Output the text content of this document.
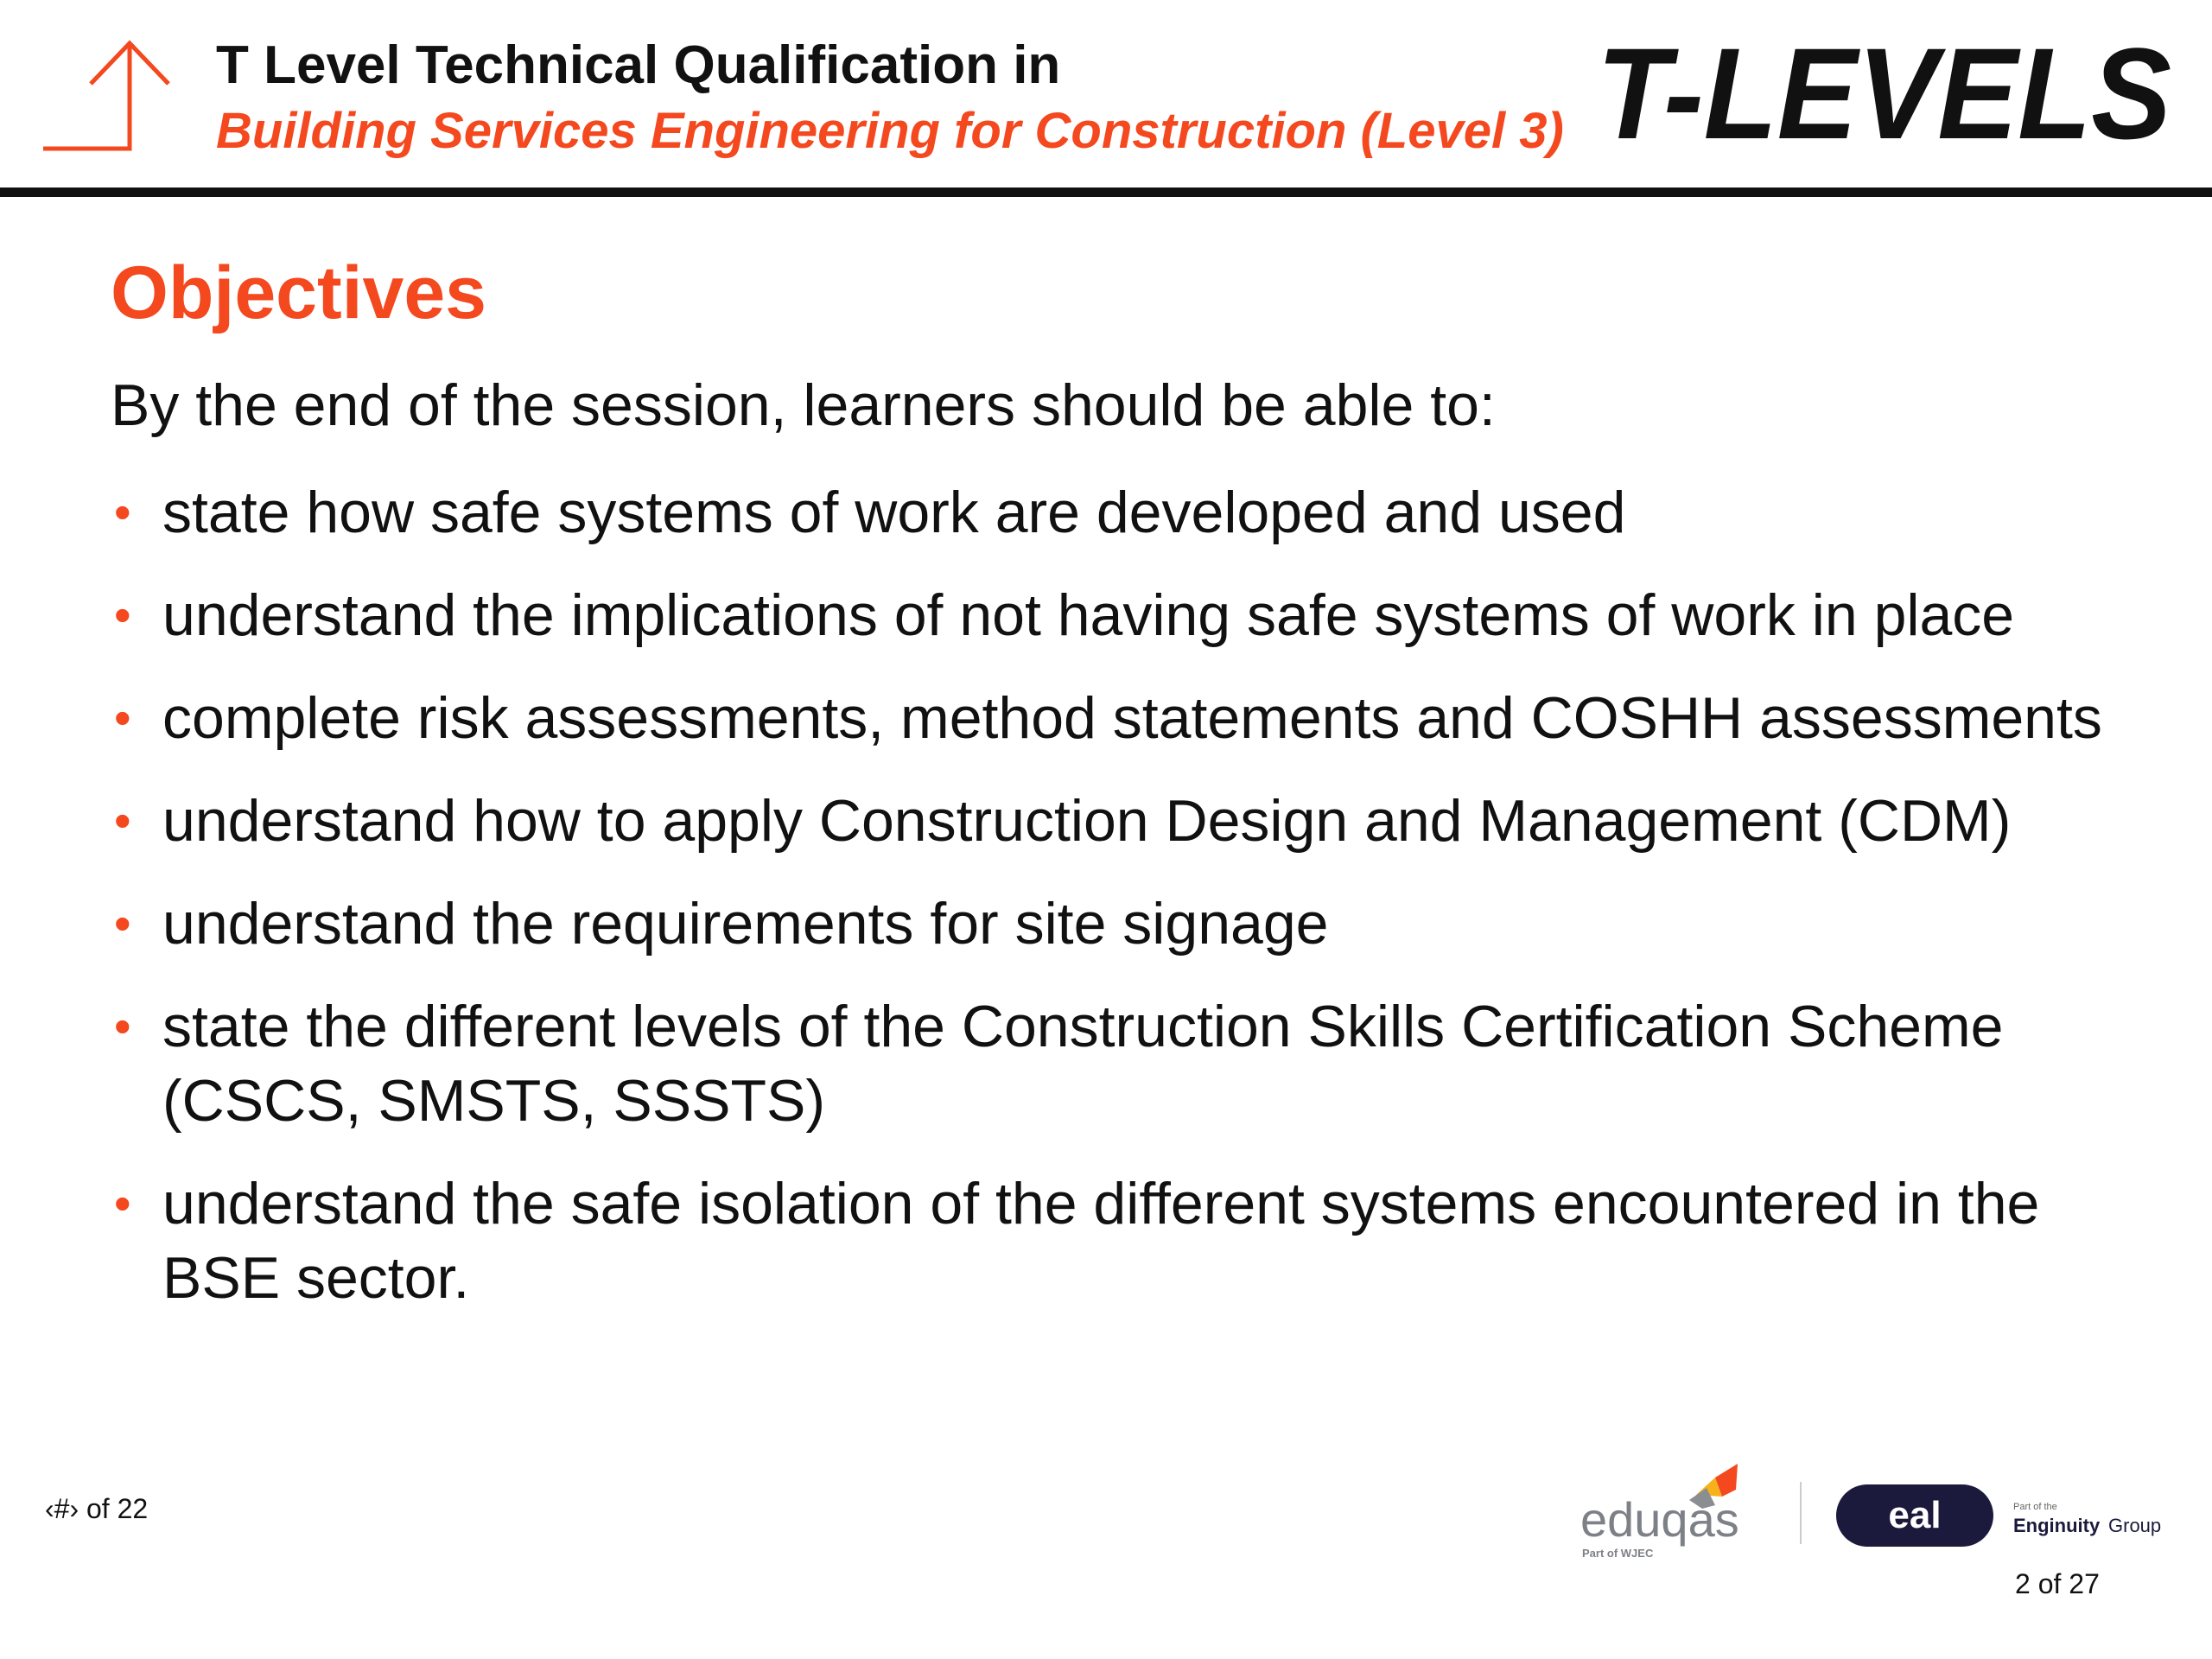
T Level Technical Qualification in
Building Services Engineering for Construction (Level 3) T-LEVELS
Objectives
By the end of the session, learners should be able to:
• state how safe systems of work are developed and used
• understand the implications of not having safe systems of work in place
• complete risk assessments, method statements and COSHH assessments
• understand how to apply Construction Design and Management (CDM)
• understand the requirements for site signage
• state the different levels of the Construction Skills Certification Scheme (CSCS, SMSTS, SSSTS)
• understand the safe isolation of the different systems encountered in the BSE sector.
‹#› of 22	eduqas
Part of WJEC
eal	Part of the
Enginuity Group
2 of 27
